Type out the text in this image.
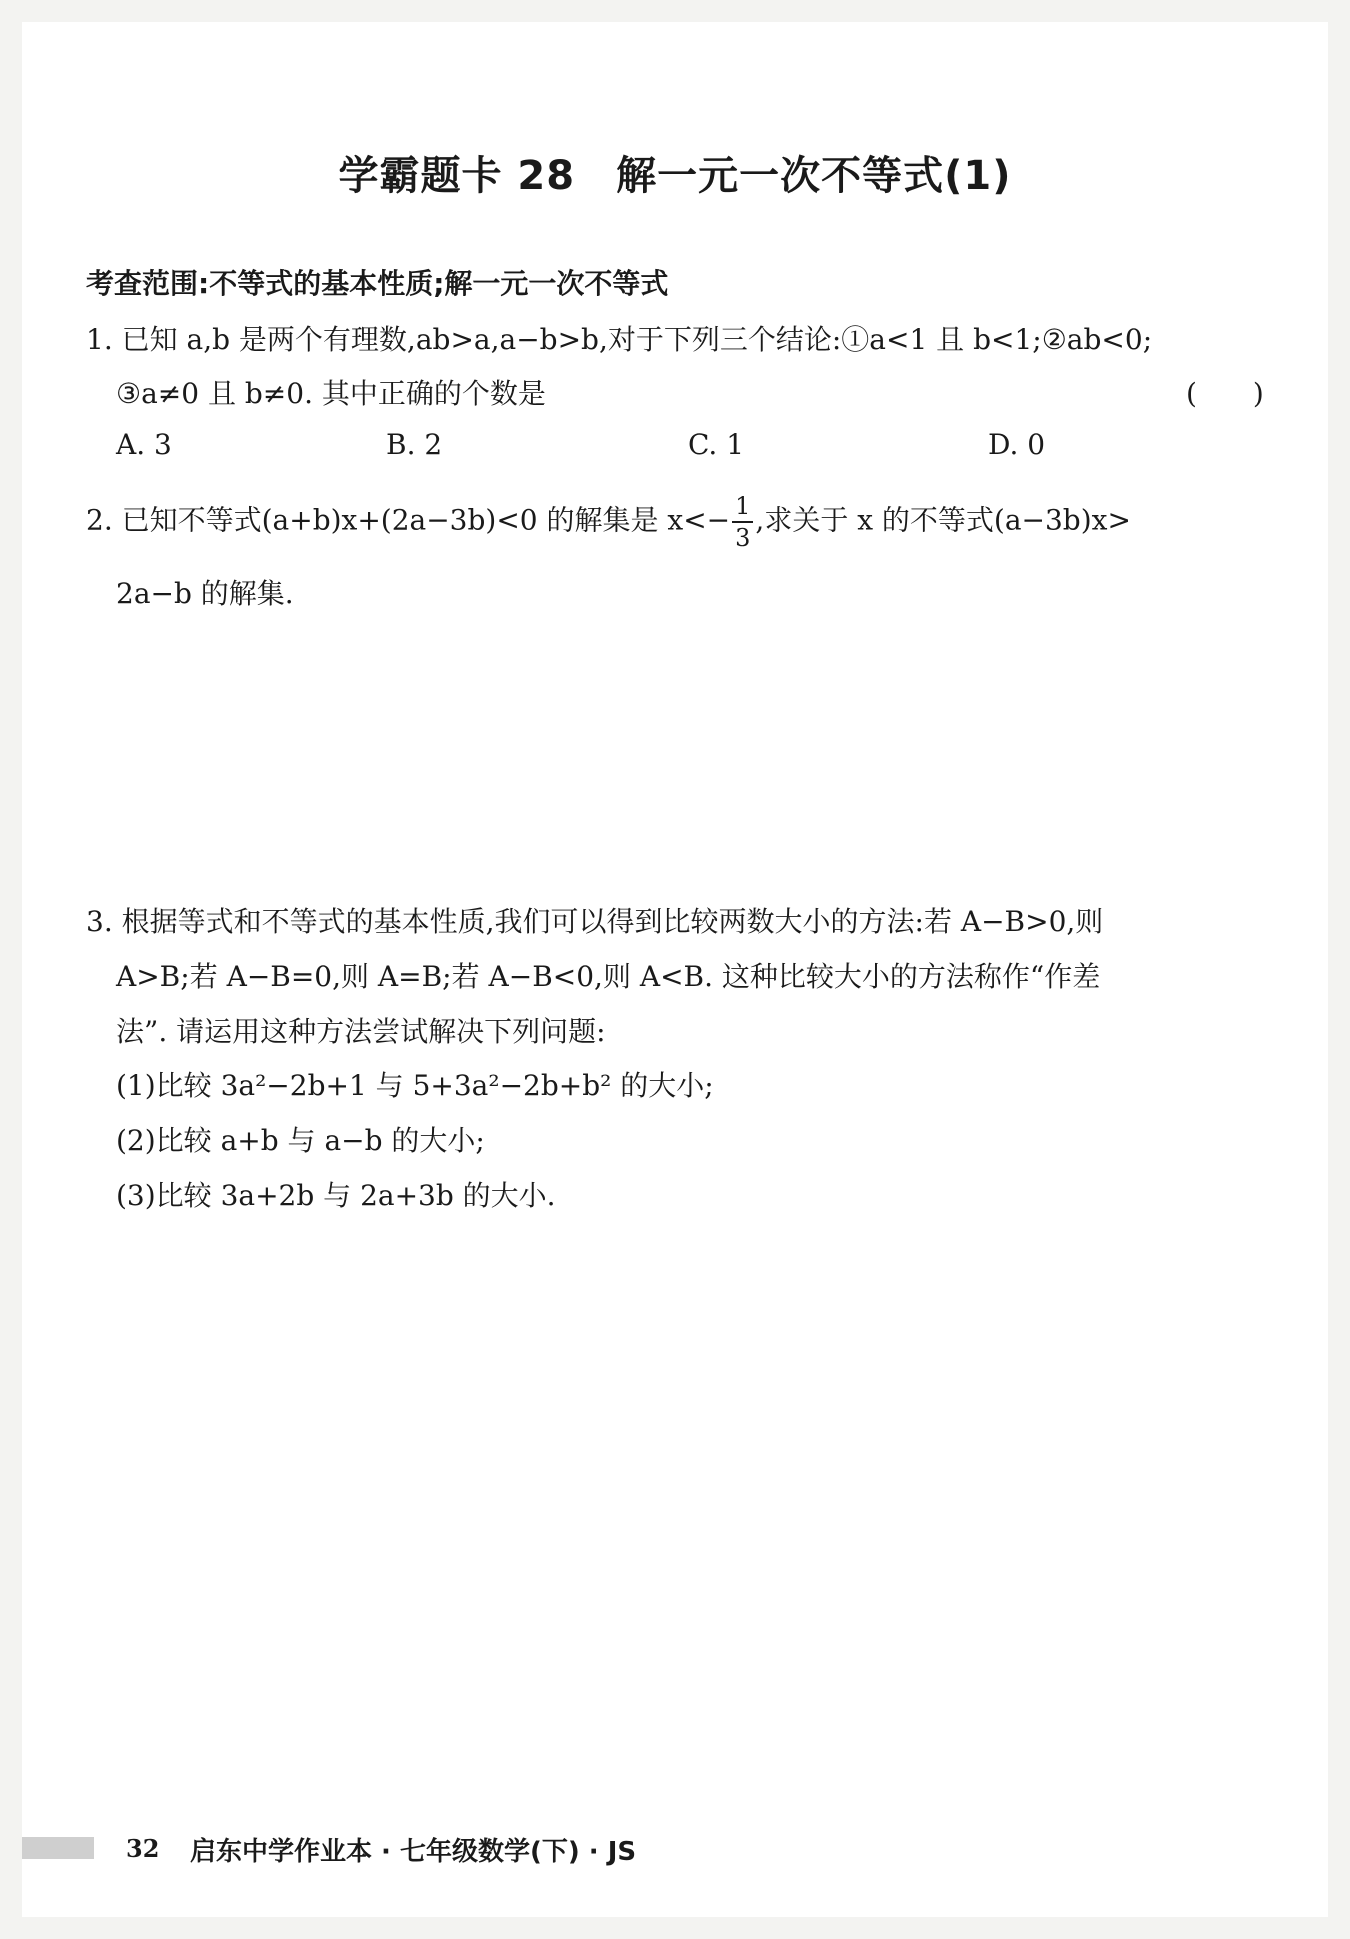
学霸题卡 28　解一元一次不等式(1)
考查范围:不等式的基本性质;解一元一次不等式
1. 已知 a,b 是两个有理数,ab>a,a−b>b,对于下列三个结论:①a<1 且 b<1;②ab<0;
③a≠0 且 b≠0. 其中正确的个数是	(　　)
A. 3	B. 2	C. 1	D. 0
2. 已知不等式(a+b)x+(2a−3b)<0 的解集是 $x<- \frac{1}{3}$ ,求关于 x 的不等式(a−3b)x>
2a−b 的解集.
3. 根据等式和不等式的基本性质,我们可以得到比较两数大小的方法:若 A−B>0,则
A>B;若 A−B=0,则 A=B;若 A−B<0,则 A<B. 这种比较大小的方法称作“作差
法”. 请运用这种方法尝试解决下列问题:
(1)比较 3a²−2b+1 与 5+3a²−2b+b² 的大小;
(2)比较 a+b 与 a−b 的大小;
(3)比较 3a+2b 与 2a+3b 的大小.
32 启东中学作业本 · 七年级数学(下) · JS
